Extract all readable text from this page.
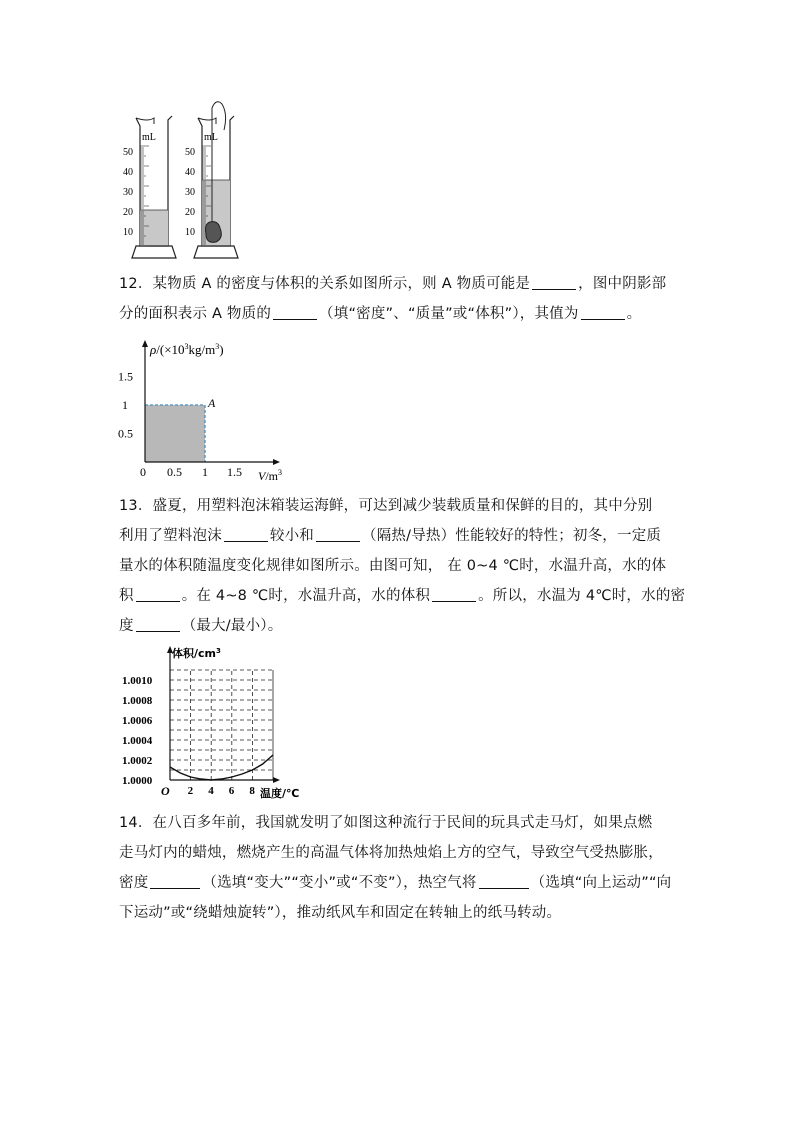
mL
50
40
30
20
10
mL
50
40
30
20
10
12．某物质 A 的密度与体积的关系如图所示，则 A 物质可能是	，图中阴影部
分的面积表示 A 物质的	（填“密度”、“质量”或“体积”），其值为	。
$\rho/(\times 10^3kg/m^3)$
$V/m^3$
0 0.5 1 1.5
1.5
1
0.5
A
13．盛夏，用塑料泡沫箱装运海鲜，可达到减少装载质量和保鲜的目的，其中分别
利用了塑料泡沫	较小和	（隔热/导热）性能较好的特性；初冬，一定质
量水的体积随温度变化规律如图所示。由图可知， 在 0~4 ℃时，水温升高，水的体
积	。在 4~8 ℃时，水温升高，水的体积	。所以，水温为 4℃时，水的密
度	（最大/最小）。
体积$/cm^3$
温度/℃
O 2 4 6 8
1.0010
1.0008
1.0006
1.0004
1.0002
1.0000
14．在八百多年前，我国就发明了如图这种流行于民间的玩具式走马灯，如果点燃
走马灯内的蜡烛，燃烧产生的高温气体将加热烛焰上方的空气，导致空气受热膨胀，
密度	（选填“变大”“变小”或“不变”），热空气将	（选填“向上运动”“向
下运动”或“绕蜡烛旋转”），推动纸风车和固定在转轴上的纸马转动。
